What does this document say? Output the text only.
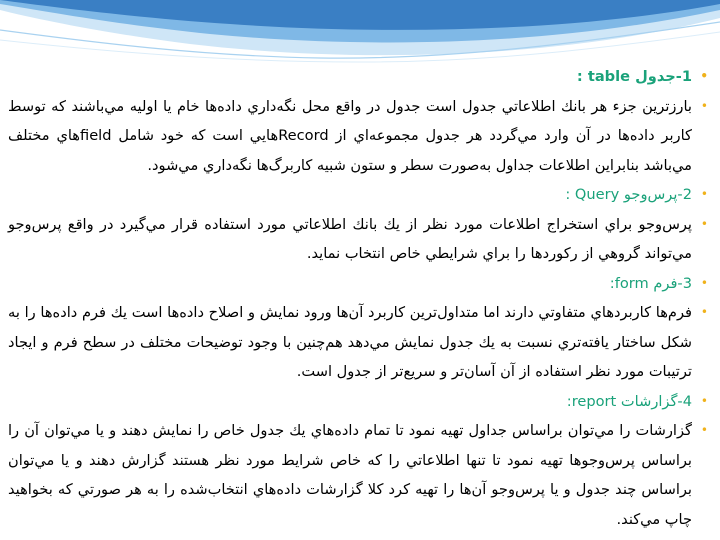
•
1-جدول table :
•
بارزترين جزء هر بانك اطلاعاتي جدول است جدول در واقع محل نگه‌داري داده‌ها خام يا اوليه مي‌باشند كه توسط كاربر داده‌ها در آن وارد مي‌گردد هر جدول مجموعه‌اي از Recordهايي است كه خود شامل fieldهاي مختلف مي‌باشد بنابراين اطلاعات جداول به‌صورت سطر و ستون شبيه كاربرگ‌ها نگه‌داري مي‌شود.
•
2-پرس‌وجو Query :
•
پرس‌وجو براي استخراج اطلاعات مورد نظر از يك بانك اطلاعاتي مورد استفاده قرار مي‌گيرد در واقع پرس‌وجو مي‌تواند گروهي از ركوردها را براي شرايطي خاص انتخاب نمايد.
•
3-فرم form:
•
فرم‌ها كاربردهاي متفاوتي دارند اما متداول‌ترين كاربرد آن‌ها ورود نمايش و اصلاح داده‌ها است يك فرم داده‌ها را به شكل ساختار يافته‌تري نسبت به يك جدول نمايش مي‌دهد هم‌چنين با وجود توضيحات مختلف در سطح فرم و ايجاد ترتيبات مورد نظر استفاده از آن آسان‌تر و سريع‌تر از جدول است.
•
4-گزارشات report:
•
گزارشات را مي‌توان براساس جداول تهيه نمود تا تمام داده‌هاي يك جدول خاص را نمايش دهند و يا مي‌توان آن را براساس پرس‌وجوها تهيه نمود تا تنها اطلاعاتي را كه خاص شرايط مورد نظر هستند گزارش دهند و يا مي‌توان براساس چند جدول و يا پرس‌وجو آن‌ها را تهيه كرد كلا گزارشات داده‌هاي انتخاب‌شده را به هر صورتي كه بخواهيد چاپ مي‌كند.
